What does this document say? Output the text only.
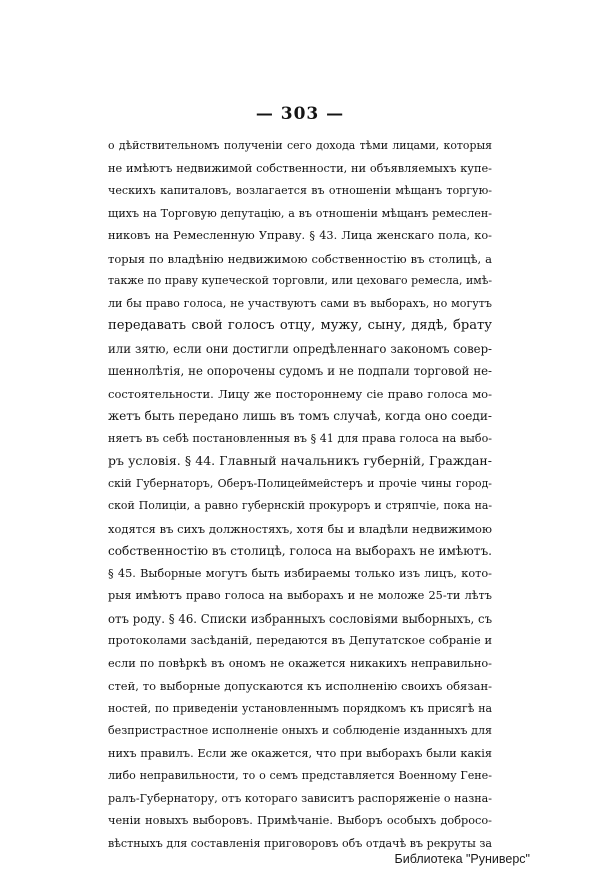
— 303 —

о дѣйствительномъ полученіи сего дохода тѣми лицами, которыя
не имѣютъ недвижимой собственности, ни объявляемыхъ купе-
ческихъ капиталовъ, возлагается въ отношеніи мѣщанъ торгую-
щихъ на Торговую депутацію, а въ отношеніи мѣщанъ ремеслен-
никовъ на Ремесленную Управу. § 43. Лица женскаго пола, ко-
торыя по владѣнію недвижимою собственностію въ столицѣ, а
также по праву купеческой торговли, или цеховаго ремесла, имѣ-
ли бы право голоса, не участвуютъ сами въ выборахъ, но могутъ
передавать свой голосъ отцу, мужу, сыну, дядѣ, брату
или зятю, если они достигли опредѣленнаго закономъ совер-
шеннолѣтія, не опорочены судомъ и не подпали торговой не-
состоятельности. Лицу же постороннему сіе право голоса мо-
жетъ быть передано лишь въ томъ случаѣ, когда оно соеди-
няетъ въ себѣ постановленныя въ § 41 для права голоса на выбо-
ръ условія. § 44. Главный начальникъ губерній, Граждан-
скій Губернаторъ, Оберъ-Полицеймейстеръ и прочіе чины город-
ской Полиціи, а равно губернскій прокуроръ и стряпчіе, пока на-
ходятся въ сихъ должностяхъ, хотя бы и владѣли недвижимою
собственностію въ столицѣ, голоса на выборахъ не имѣютъ.
§ 45. Выборные могутъ быть избираемы только изъ лицъ, кото-
рыя имѣютъ право голоса на выборахъ и не моложе 25-ти лѣтъ
отъ роду. § 46. Списки избранныхъ сословіями выборныхъ, съ
протоколами засѣданій, передаются въ Депутатское собраніе и
если по повѣркѣ въ ономъ не окажется никакихъ неправильно-
стей, то выборные допускаются къ исполненію своихъ обязан-
ностей, по приведеніи установленнымъ порядкомъ къ присягѣ на
безпристрастное исполненіе оныхъ и соблюденіе изданныхъ для
нихъ правилъ. Если же окажется, что при выборахъ были какія
либо неправильности, то о семъ представляется Военному Гене-
ралъ-Губернатору, отъ котораго зависитъ распоряженіе о назна-
ченіи новыхъ выборовъ. Примѣчаніе. Выборъ особыхъ добросо-
вѣстныхъ для составленія приговоровъ объ отдачѣ въ рекруты за

Библиотека "Руниверс"
